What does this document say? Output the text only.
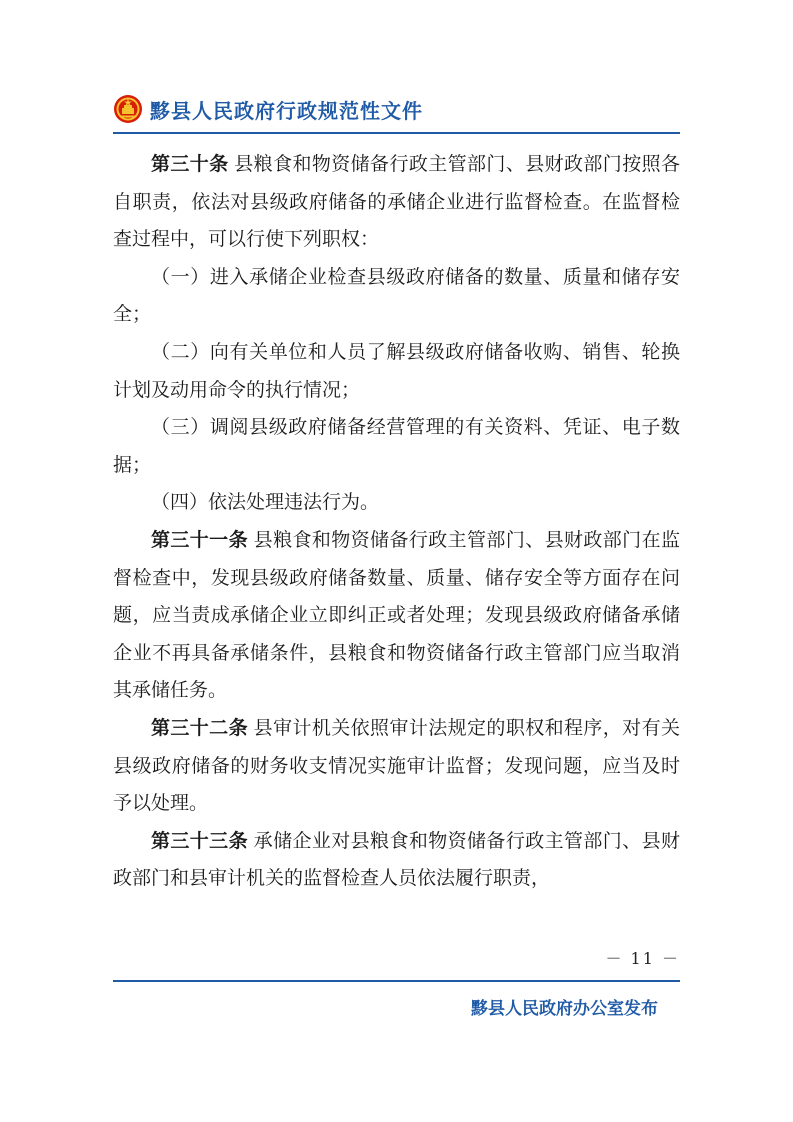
黟县人民政府行政规范性文件

第三十条 县粮食和物资储备行政主管部门、县财政部门按照各自职责，依法对县级政府储备的承储企业进行监督检查。在监督检查过程中，可以行使下列职权：

（一）进入承储企业检查县级政府储备的数量、质量和储存安全；

（二）向有关单位和人员了解县级政府储备收购、销售、轮换计划及动用命令的执行情况；

（三）调阅县级政府储备经营管理的有关资料、凭证、电子数据；

（四）依法处理违法行为。

第三十一条 县粮食和物资储备行政主管部门、县财政部门在监督检查中，发现县级政府储备数量、质量、储存安全等方面存在问题，应当责成承储企业立即纠正或者处理；发现县级政府储备承储企业不再具备承储条件，县粮食和物资储备行政主管部门应当取消其承储任务。

第三十二条 县审计机关依照审计法规定的职权和程序，对有关县级政府储备的财务收支情况实施审计监督；发现问题，应当及时予以处理。

第三十三条 承储企业对县粮食和物资储备行政主管部门、县财政部门和县审计机关的监督检查人员依法履行职责，

－ 11 －
黟县人民政府办公室发布
